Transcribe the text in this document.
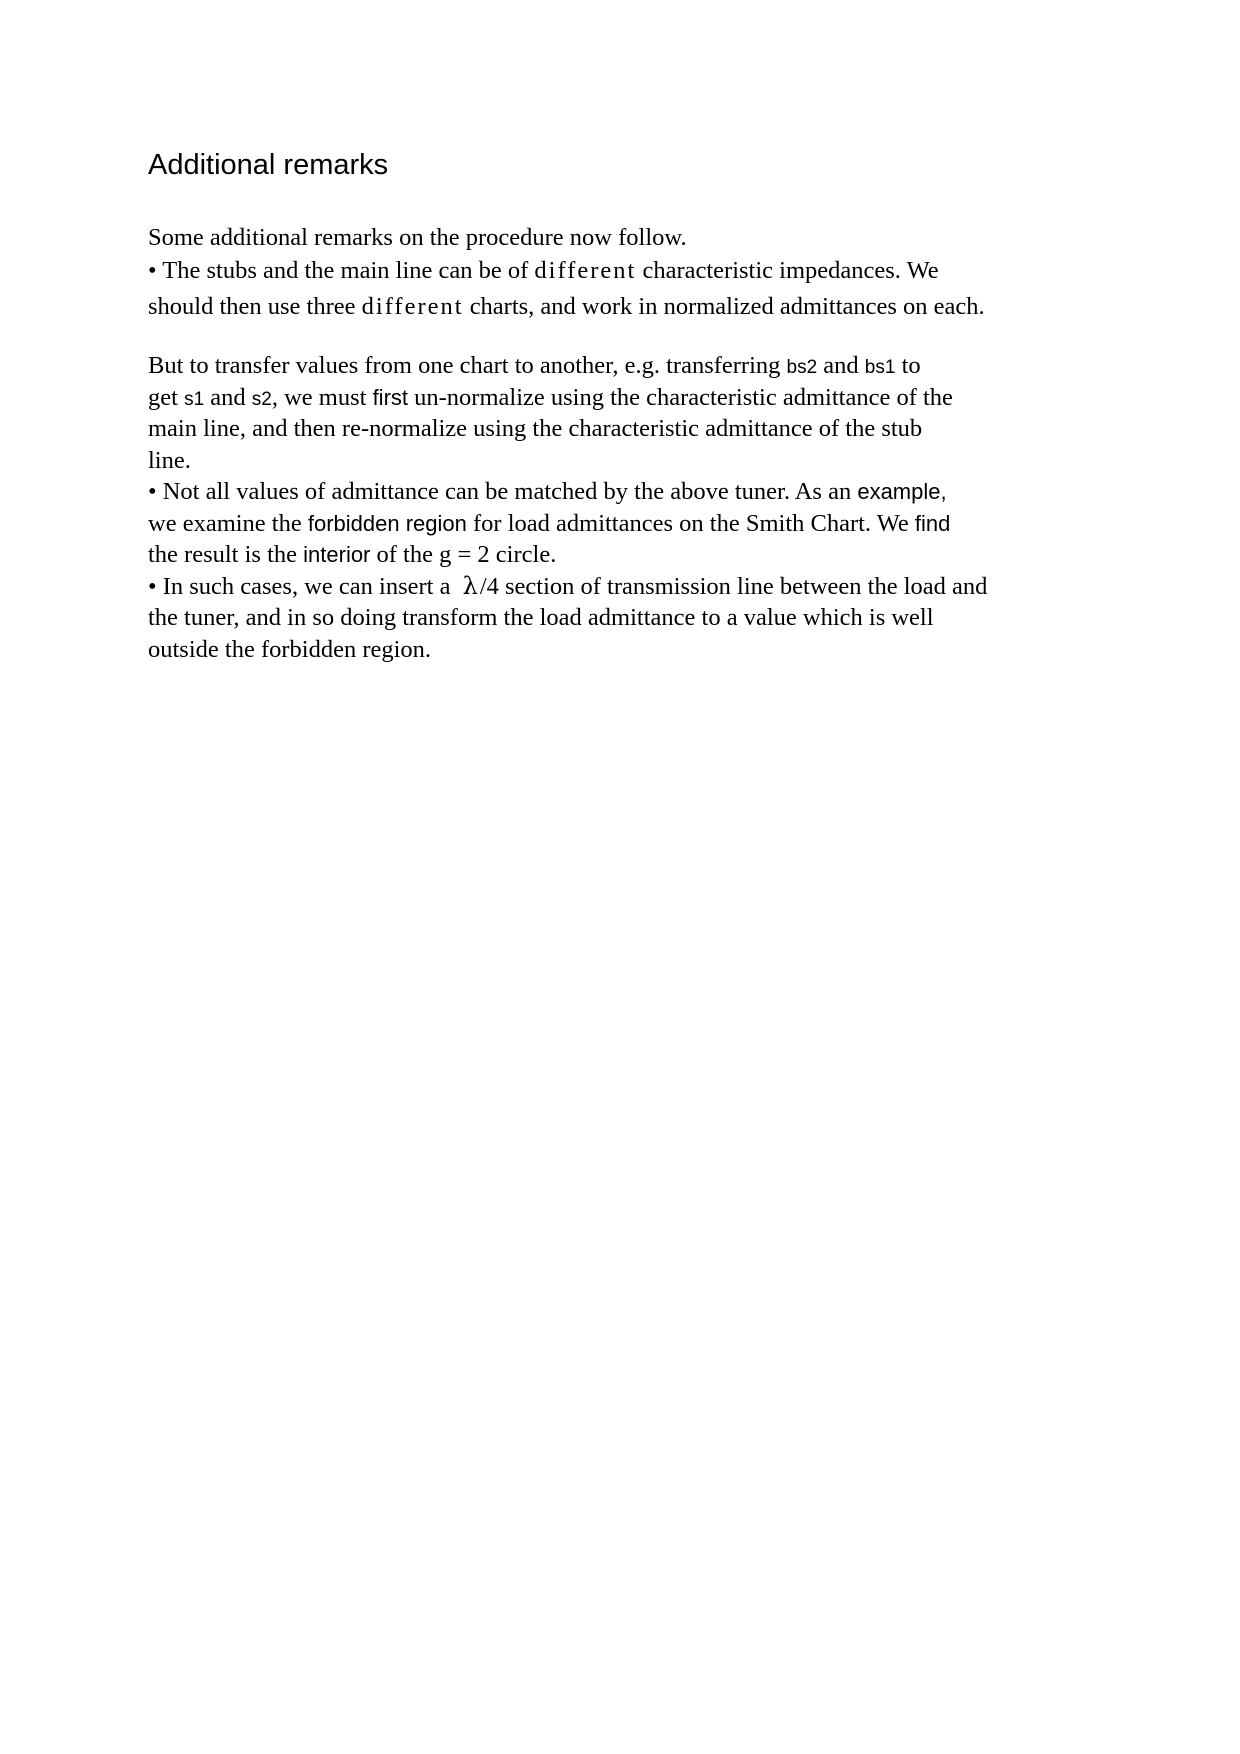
Additional remarks
Some additional remarks on the procedure now follow.
• The stubs and the main line can be of different characteristic impedances. We
should then use three different charts, and work in normalized admittances on each.
But to transfer values from one chart to another, e.g. transferring bs2 and bs1 to
get s1 and s2, we must first un-normalize using the characteristic admittance of the
main line, and then re-normalize using the characteristic admittance of the stub
line.
• Not all values of admittance can be matched by the above tuner. As an example,
we examine the forbidden region for load admittances on the Smith Chart. We find
the result is the interior of the g = 2 circle.
• In such cases, we can insert a λ/4 section of transmission line between the load and
the tuner, and in so doing transform the load admittance to a value which is well
outside the forbidden region.
